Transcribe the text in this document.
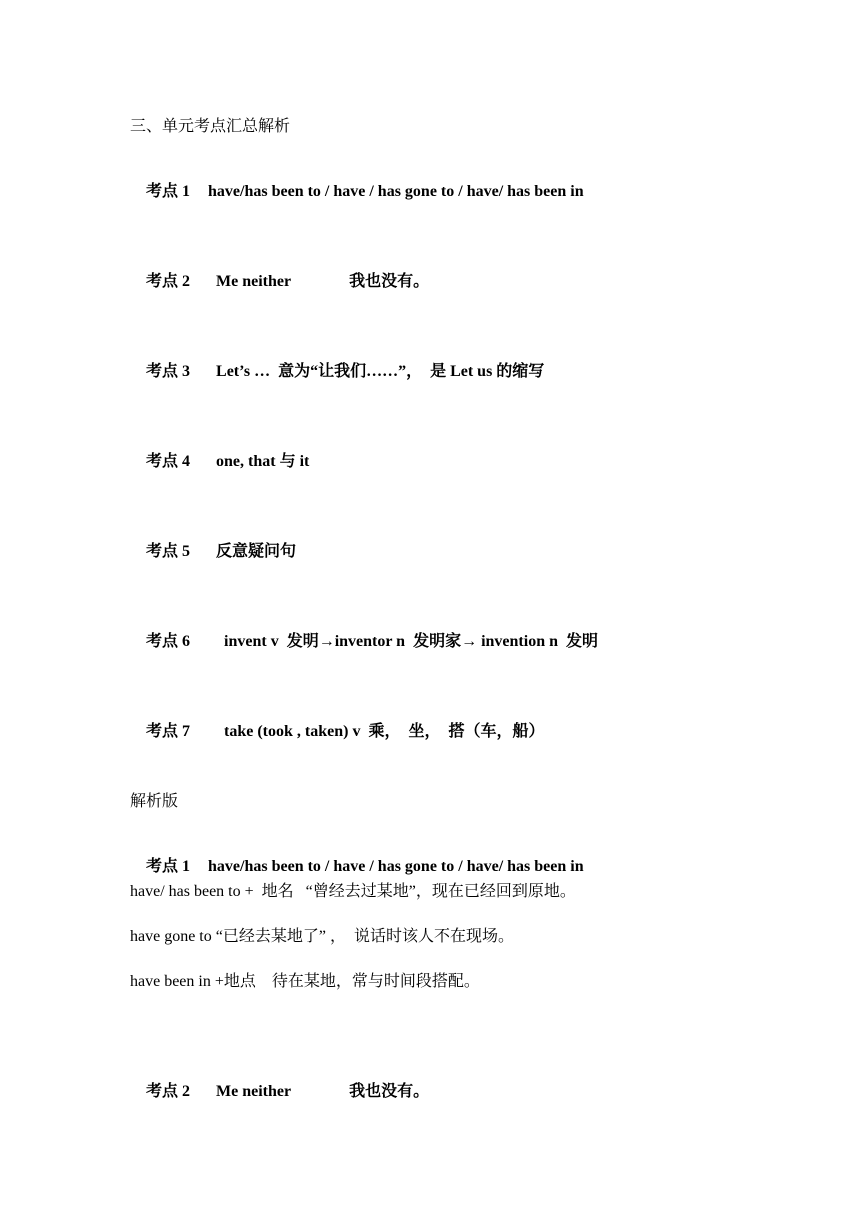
三、单元考点汇总解析

考点 1 have/has been to / have / has gone to / have/ has been in

考点 2 Me neither	我也没有。

考点 3 Let’s …  意为“让我们……”，  是 Let us 的缩写

考点 4 one, that 与 it

考点 5 反意疑问句

考点 6 invent v  发明→inventor n  发明家→ invention n  发明

考点 7 take (took , taken) v  乘，  坐，  搭（车，船）

解析版

考点 1 have/has been to / have / has gone to / have/ has been in

have/ has been to +  地名   “曾经去过某地”，现在已经回到原地。
have gone to “已经去某地了” ，  说话时该人不在现场。
have been in +地点    待在某地，常与时间段搭配。

考点 2 Me neither	我也没有。
